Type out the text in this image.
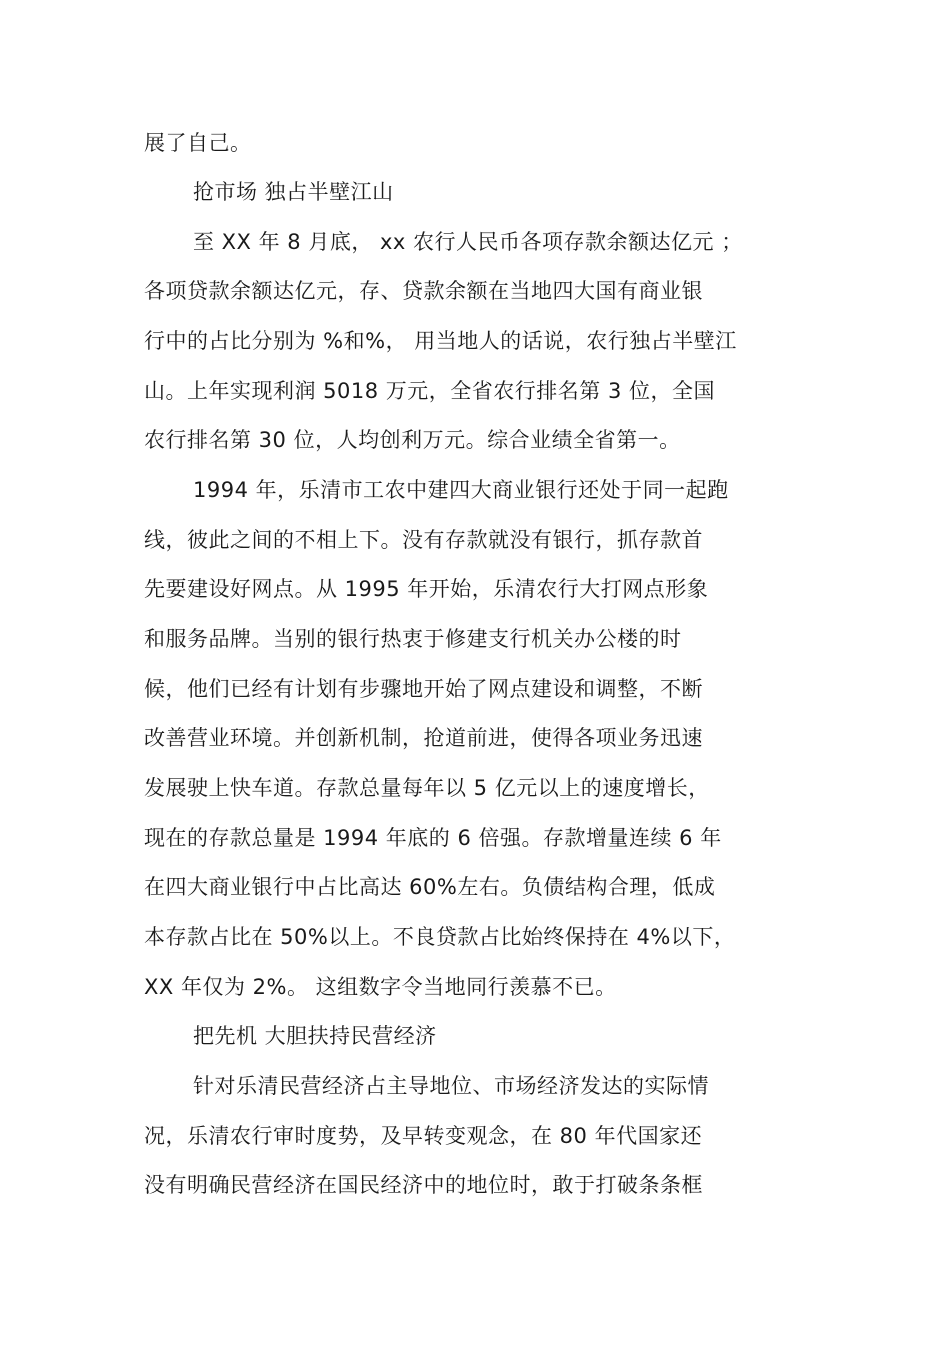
展了自己。
抢市场 独占半壁江山
至 XX 年 8 月底， xx 农行人民币各项存款余额达亿元 ；
各项贷款余额达亿元，存、贷款余额在当地四大国有商业银
行中的占比分别为 %和%， 用当地人的话说，农行独占半壁江
山。上年实现利润 5018 万元，全省农行排名第 3 位，全国
农行排名第 30 位，人均创利万元。综合业绩全省第一。
1994 年，乐清市工农中建四大商业银行还处于同一起跑
线，彼此之间的不相上下。没有存款就没有银行，抓存款首
先要建设好网点。从 1995 年开始，乐清农行大打网点形象
和服务品牌。当别的银行热衷于修建支行机关办公楼的时
候，他们已经有计划有步骤地开始了网点建设和调整，不断
改善营业环境。并创新机制，抢道前进，使得各项业务迅速
发展驶上快车道。存款总量每年以 5 亿元以上的速度增长，
现在的存款总量是 1994 年底的 6 倍强。存款增量连续 6 年
在四大商业银行中占比高达 60%左右。负债结构合理，低成
本存款占比在 50%以上。不良贷款占比始终保持在 4%以下，
XX 年仅为 2%。 这组数字令当地同行羡慕不已。
把先机 大胆扶持民营经济
针对乐清民营经济占主导地位、市场经济发达的实际情
况，乐清农行审时度势，及早转变观念，在 80 年代国家还
没有明确民营经济在国民经济中的地位时，敢于打破条条框
